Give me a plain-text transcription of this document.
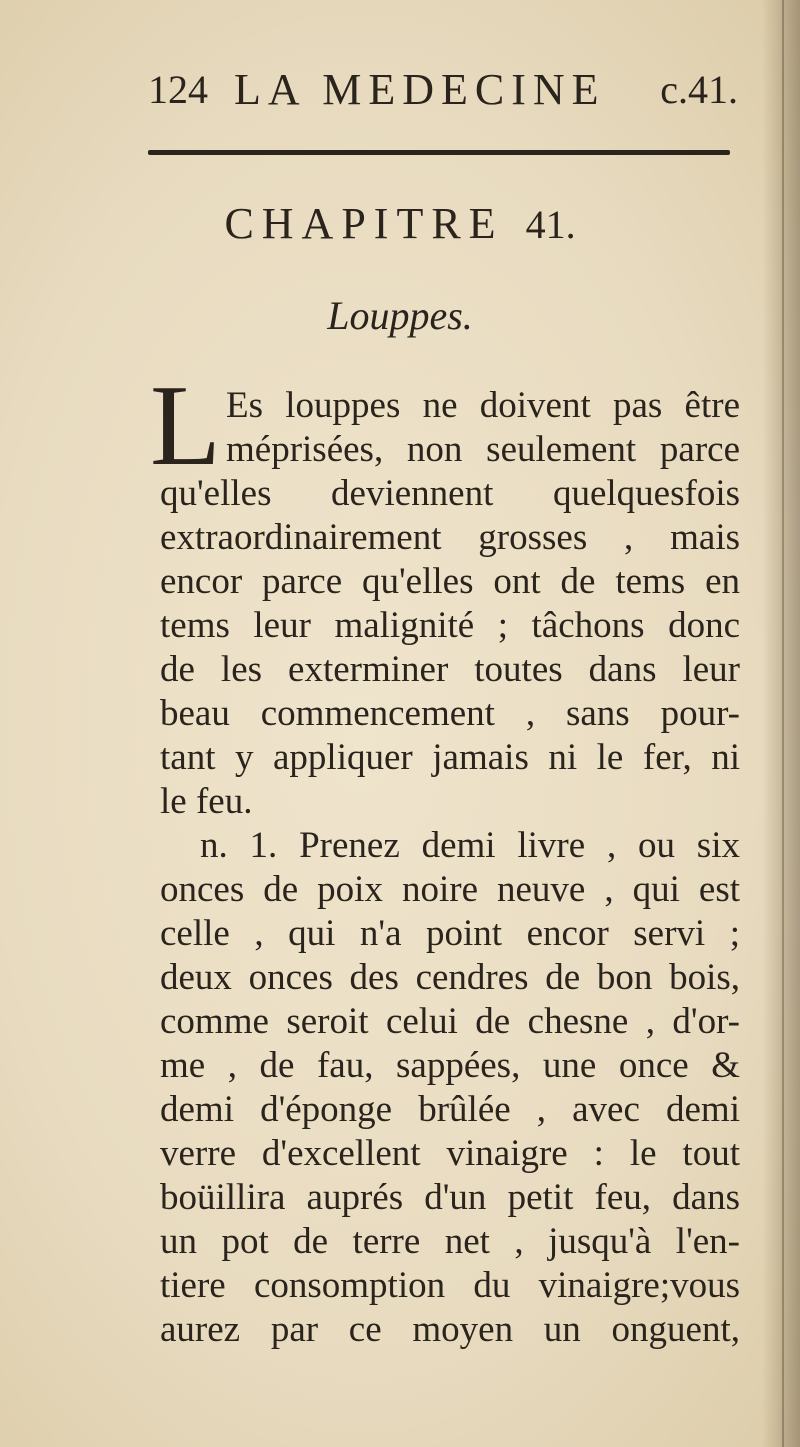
124 LA MEDECINE c.41.
CHAPITRE 41.
Louppes.
L Es louppes ne doivent pas être
méprisées, non seulement parce
qu'elles deviennent quelquesfois
extraordinairement grosses , mais
encor parce qu'elles ont de tems en
tems leur malignité ; tâchons donc
de les exterminer toutes dans leur
beau commencement , sans pour-
tant y appliquer jamais ni le fer, ni
le feu.
n. 1. Prenez demi livre , ou six
onces de poix noire neuve , qui est
celle , qui n'a point encor servi ;
deux onces des cendres de bon bois,
comme seroit celui de chesne , d'or-
me , de fau, sappées, une once &
demi d'éponge brûlée , avec demi
verre d'excellent vinaigre : le tout
boüillira auprés d'un petit feu, dans
un pot de terre net , jusqu'à l'en-
tiere consomption du vinaigre;vous
aurez par ce moyen un onguent,
